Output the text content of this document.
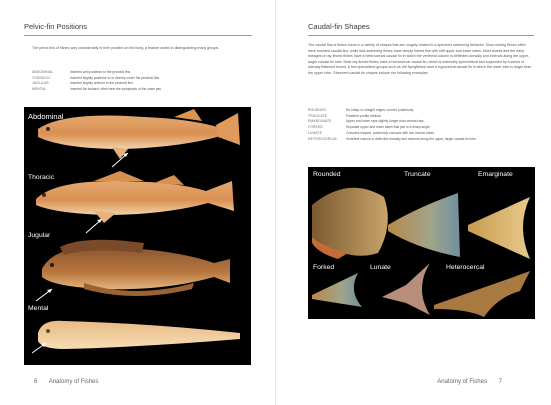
Pelvic-fin Positions
The pelvic fins of fishes vary considerably in their position on the body, a feature useful in distinguishing many groups.
ABDOMINAL	Inserted well posterior to the pectoral fins.
THORACIC	Inserted slightly posterior to or directly under the pectoral fins.
JUGULAR	Inserted slightly anterior to the pectoral fins.
MENTAL	Inserted far forward, often near the symphysis of the lower jaw.
Abdominal
Thoracic
Jugular
Mental
6 Anatomy of Fishes
Caudal-fin Shapes
The caudal fins of fishes come in a variety of shapes that are roughly related to a species's swimming behavior. Slow-moving fishes often have rounded caudal fins, while fast-swimming fishes have deeply forked fins with stiff upper and lower lobes. Most sharks and the early lineages of ray-finned fishes have a heterocercal caudal fin in which the vertebral column is deflected dorsally and extends along the upper, larger caudal-fin lobe. Most ray-finned fishes have a homocercal caudal fin, which is externally symmetrical and supported by a series of laterally flattened bones. A few specialized groups such as the flyingfishes have a hypocercal caudal fin in which the lower lobe is larger than the upper lobe. Observed caudal-fin shapes include the following examples:
ROUNDED	No sharp or straight edges; convex posteriorly.
TRUNCATE	Posterior profile vertical.
EMARGINATE	Upper and lower rays slightly longer than central rays.
FORKED	Separate upper and lower lobes that join in a sharp angle.
LUNATE	Crescent-shaped, posteriorly concave with two narrow lobes.
HETEROCERCAL	Vertebral column is deflected dorsally and extends along the upper, larger caudal-fin lobe.
Rounded	Truncate	Emarginate
Forked	Lunate	Heterocercal
Anatomy of Fishes 7
